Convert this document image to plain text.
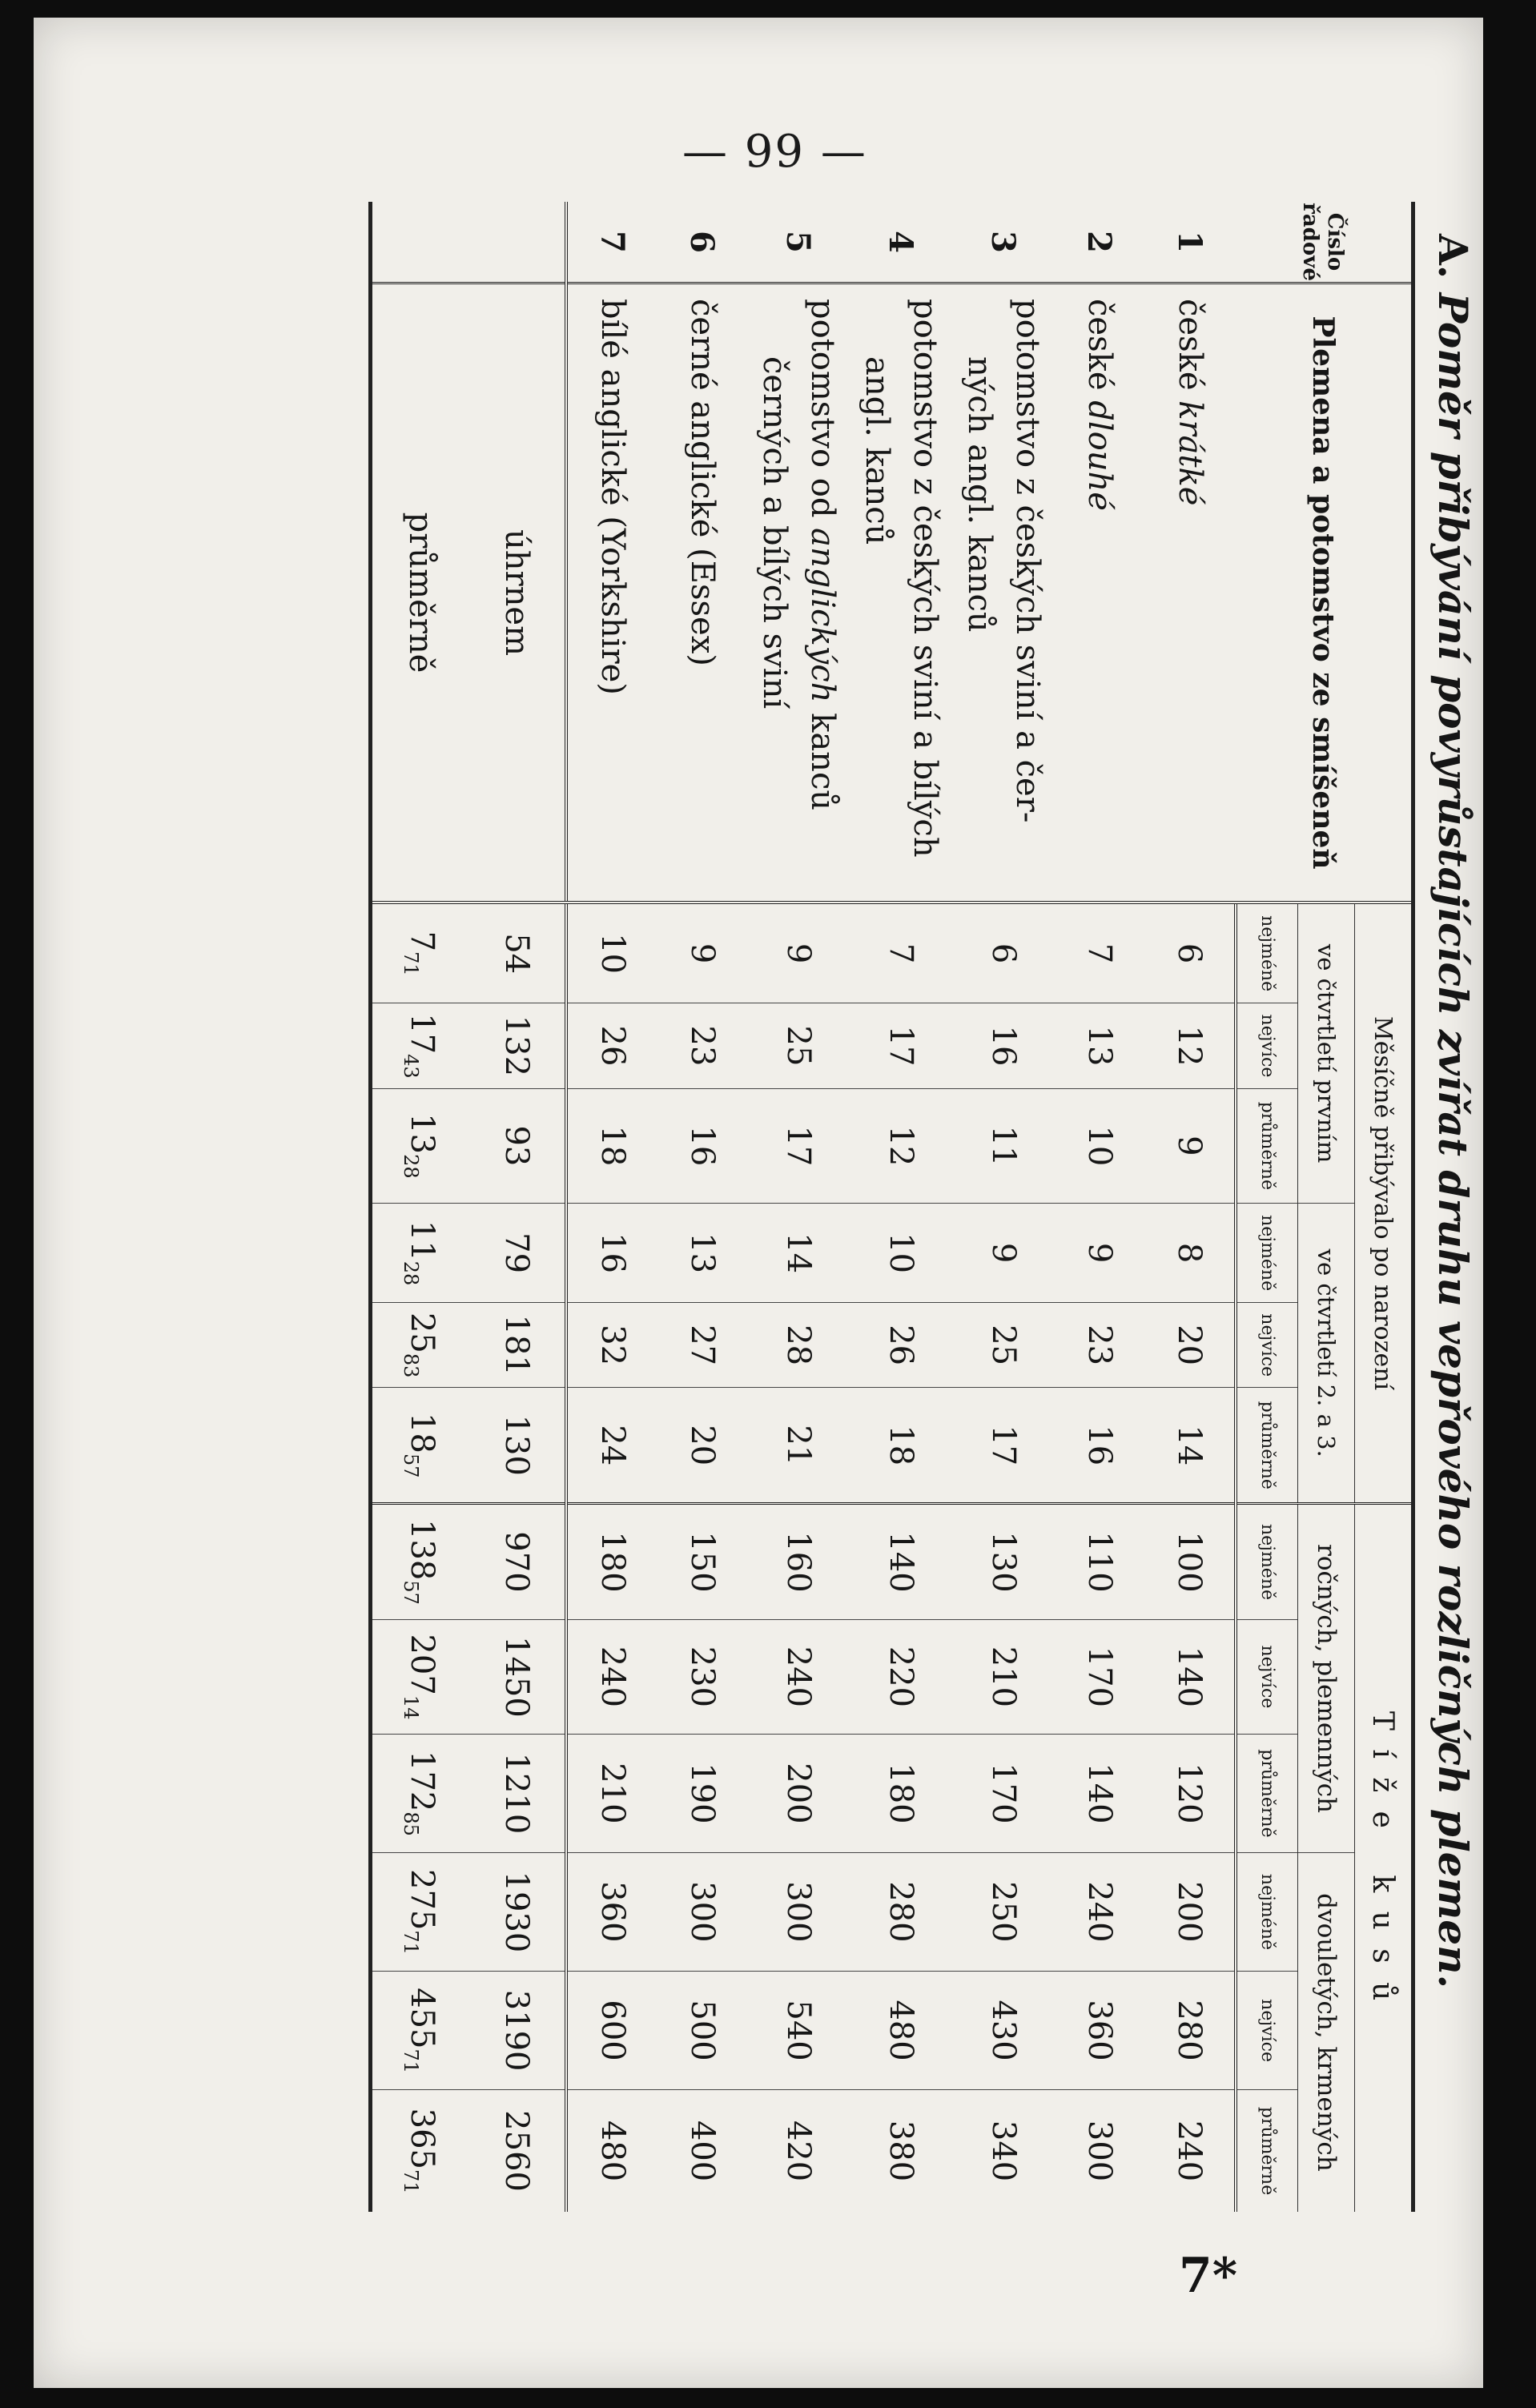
— 99 —
A. Poměr přibývání povyrůstajících zvířat druhu vepřového rozličných plemen.
Číslo řadové	Plemena a potomstvo ze smíšeneň	Měsíčně přibývalo po narození						T í ž e   k u s ů					
		ve čtvrtletí prvním			ve čtvrtletí 2. a 3.			ročných, plemenných			dvouletých, krmených		
		nejméně	nejvíce	průměrně	nejméně	nejvíce	průměrně	nejméně	nejvíce	průměrně	nejméně	nejvíce	průměrně
1	české krátké	6	12	9	8	20	14	100	140	120	200	280	240
2	české dlouhé	7	13	10	9	23	16	110	170	140	240	360	300
3	potomstvo z českých sviní a čer-
ných angl. kanců	6	16	11	9	25	17	130	210	170	250	430	340
4	potomstvo z českých sviní a bílých
angl. kanců	7	17	12	10	26	18	140	220	180	280	480	380
5	potomstvo od anglických kanců
černých a bílých sviní	9	25	17	14	28	21	160	240	200	300	540	420
6	černé anglické (Essex)	9	23	16	13	27	20	150	230	190	300	500	400
7	bílé anglické (Yorkshire)	10	26	18	16	32	24	180	240	210	360	600	480
	úhrnem	54	132	93	79	181	130	970	1450	1210	1930	3190	2560
	průměrně	$7_{71}$	$17_{43}$	$13_{28}$	$11_{28}$	$25_{83}$	$18_{57}$	$138_{57}$	$207_{14}$	$172_{85}$	$275_{71}$	$455_{71}$	$365_{71}$
7*
